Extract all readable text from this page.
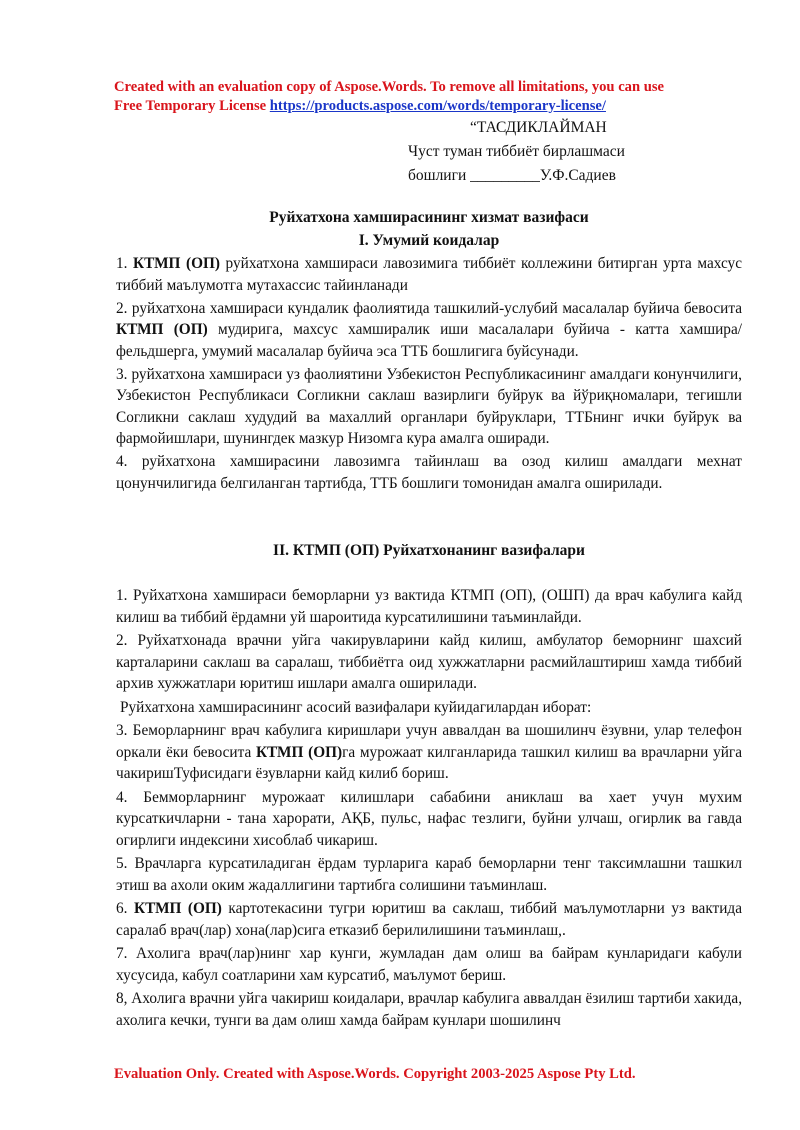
Created with an evaluation copy of Aspose.Words. To remove all limitations, you can use
Free Temporary License https://products.aspose.com/words/temporary-license/
“ТАСДИКЛАЙМАН
Чуст туман тиббиёт бирлашмаси
бошлиги _________У.Ф.Садиев
Руйхатхона хамширасининг хизмат вазифаси
I. Умумий коидалар

1. КТМП (ОП) руйхатхона хамшираси лавозимига тиббиёт коллежини битирган урта махсус тиббий маълумотга мутахассис тайинланади

2. руйхатхона хамшираси кундалик фаолиятида ташкилий-услубий масалалар буйича бевосита КТМП (ОП) мудирига, махсус хамширалик иши масалалари буйича - катта хамшира/фельдшерга, умумий масалалар буйича эса ТТБ бошлигига буйсунади.

3. руйхатхона хамшираси уз фаолиятини Узбекистон Республикасининг амалдаги конунчилиги, Узбекистон Республикаси Согликни саклаш вазирлиги буйрук ва йўриқномалари, тегишли Согликни саклаш худудий ва махаллий органлари буйруклари, ТТБнинг ички буйрук ва фармойишлари, шунингдек мазкур Низомга кура амалга оширади.

4. руйхатхона хамширасини лавозимга тайинлаш ва озод килиш амалдаги мехнат цонунчилигида белгиланган тартибда, ТТБ бошлиги томонидан амалга оширилади.

II. КТМП (ОП) Руйхатхонанинг вазифалари

1. Руйхатхона хамшираси беморларни уз вактида КТМП (ОП), (ОШП) да врач кабулига кайд килиш ва тиббий ёрдамни уй шароитида курсатилишини таъминлайди.

2. Руйхатхонада врачни уйга чакирувларини кайд килиш, амбулатор беморнинг шахсий карталарини саклаш ва саралаш, тиббиётга оид хужжатларни расмийлаштириш хамда тиббий архив хужжатлари юритиш ишлари амалга оширилади.

Руйхатхона хамширасининг асосий вазифалари куйидагилардан иборат:

3. Беморларнинг врач кабулига киришлари учун аввалдан ва шошилинч ёзувни, улар телефон оркали ёки бевосита КТМП (ОП)га мурожаат килганларида ташкил килиш ва врачларни уйга чакиришТуфисидаги ёзувларни кайд килиб бориш.

4. Бемморларнинг мурожаат килишлари сабабини аниклаш ва хает учун мухим курсаткичларни - тана харорати, АҚБ, пульс, нафас тезлиги, буйни улчаш, огирлик ва гавда огирлиги индексини хисоблаб чикариш.

5. Врачларга курсатиладиган ёрдам турларига караб беморларни тенг таксимлашни ташкил этиш ва ахоли оким жадаллигини тартибга солишини таъминлаш.

6. КТМП (ОП) картотекасини тугри юритиш ва саклаш, тиббий маълумотларни уз вактида саралаб врач(лар) хона(лар)сига етказиб берилилишини таъминлаш,.

7. Ахолига врач(лар)нинг хар кунги, жумладан дам олиш ва байрам кунларидаги кабули хусусида, кабул соатларини хам курсатиб, маълумот бериш.

8, Ахолига врачни уйга чакириш коидалари, врачлар кабулига аввалдан ёзилиш тартиби хакида, ахолига кечки, тунги ва дам олиш хамда байрам кунлари шошилинч

Evaluation Only. Created with Aspose.Words. Copyright 2003-2025 Aspose Pty Ltd.
